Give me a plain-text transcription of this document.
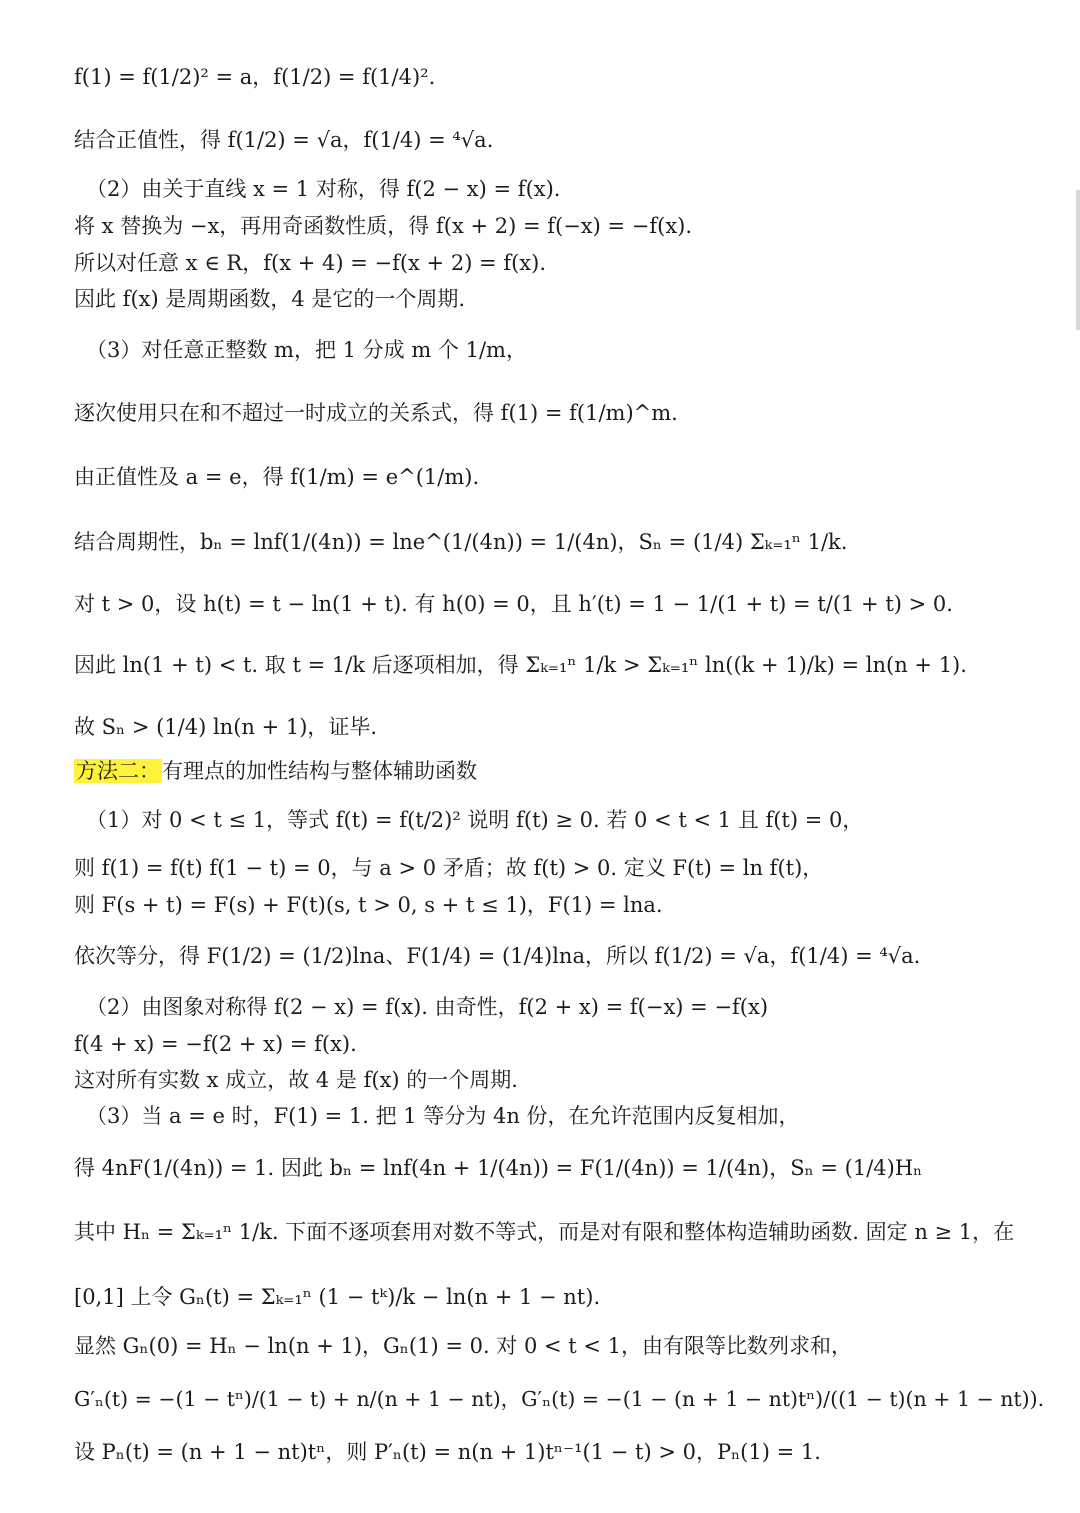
f(1) = f(1/2)² = a，f(1/2) = f(1/4)².
结合正值性，得 f(1/2) = √a，f(1/4) = ⁴√a.
（2）由关于直线 x = 1 对称，得 f(2 − x) = f(x).
将 x 替换为 −x，再用奇函数性质，得 f(x + 2) = f(−x) = −f(x).
所以对任意 x ∈ R，f(x + 4) = −f(x + 2) = f(x).
因此 f(x) 是周期函数，4 是它的一个周期.
（3）对任意正整数 m，把 1 分成 m 个 1/m，
逐次使用只在和不超过一时成立的关系式，得 f(1) = f(1/m)^m.
由正值性及 a = e，得 f(1/m) = e^(1/m).
结合周期性，bₙ = lnf(1/(4n)) = lne^(1/(4n)) = 1/(4n)，Sₙ = (1/4) Σₖ₌₁ⁿ 1/k.
对 t > 0，设 h(t) = t − ln(1 + t). 有 h(0) = 0，且 h′(t) = 1 − 1/(1 + t) = t/(1 + t) > 0.
因此 ln(1 + t) < t. 取 t = 1/k 后逐项相加，得 Σₖ₌₁ⁿ 1/k > Σₖ₌₁ⁿ ln((k + 1)/k) = ln(n + 1).
故 Sₙ > (1/4) ln(n + 1)，证毕.
方法二：有理点的加性结构与整体辅助函数
（1）对 0 < t ≤ 1，等式 f(t) = f(t/2)² 说明 f(t) ≥ 0. 若 0 < t < 1 且 f(t) = 0，
则 f(1) = f(t) f(1 − t) = 0，与 a > 0 矛盾；故 f(t) > 0. 定义 F(t) = ln f(t)，
则 F(s + t) = F(s) + F(t)(s, t > 0, s + t ≤ 1)，F(1) = lna.
依次等分，得 F(1/2) = (1/2)lna、F(1/4) = (1/4)lna，所以 f(1/2) = √a，f(1/4) = ⁴√a.
（2）由图象对称得 f(2 − x) = f(x). 由奇性，f(2 + x) = f(−x) = −f(x)
f(4 + x) = −f(2 + x) = f(x).
这对所有实数 x 成立，故 4 是 f(x) 的一个周期.
（3）当 a = e 时，F(1) = 1. 把 1 等分为 4n 份，在允许范围内反复相加，
得 4nF(1/(4n)) = 1. 因此 bₙ = lnf(4n + 1/(4n)) = F(1/(4n)) = 1/(4n)，Sₙ = (1/4)Hₙ
其中 Hₙ = Σₖ₌₁ⁿ 1/k. 下面不逐项套用对数不等式，而是对有限和整体构造辅助函数. 固定 n ≥ 1，在
[0,1] 上令 Gₙ(t) = Σₖ₌₁ⁿ (1 − tᵏ)/k − ln(n + 1 − nt).
显然 Gₙ(0) = Hₙ − ln(n + 1)，Gₙ(1) = 0. 对 0 < t < 1，由有限等比数列求和，
G′ₙ(t) = −(1 − tⁿ)/(1 − t) + n/(n + 1 − nt)，G′ₙ(t) = −(1 − (n + 1 − nt)tⁿ)/((1 − t)(n + 1 − nt)).
设 Pₙ(t) = (n + 1 − nt)tⁿ，则 P′ₙ(t) = n(n + 1)tⁿ⁻¹(1 − t) > 0，Pₙ(1) = 1.
